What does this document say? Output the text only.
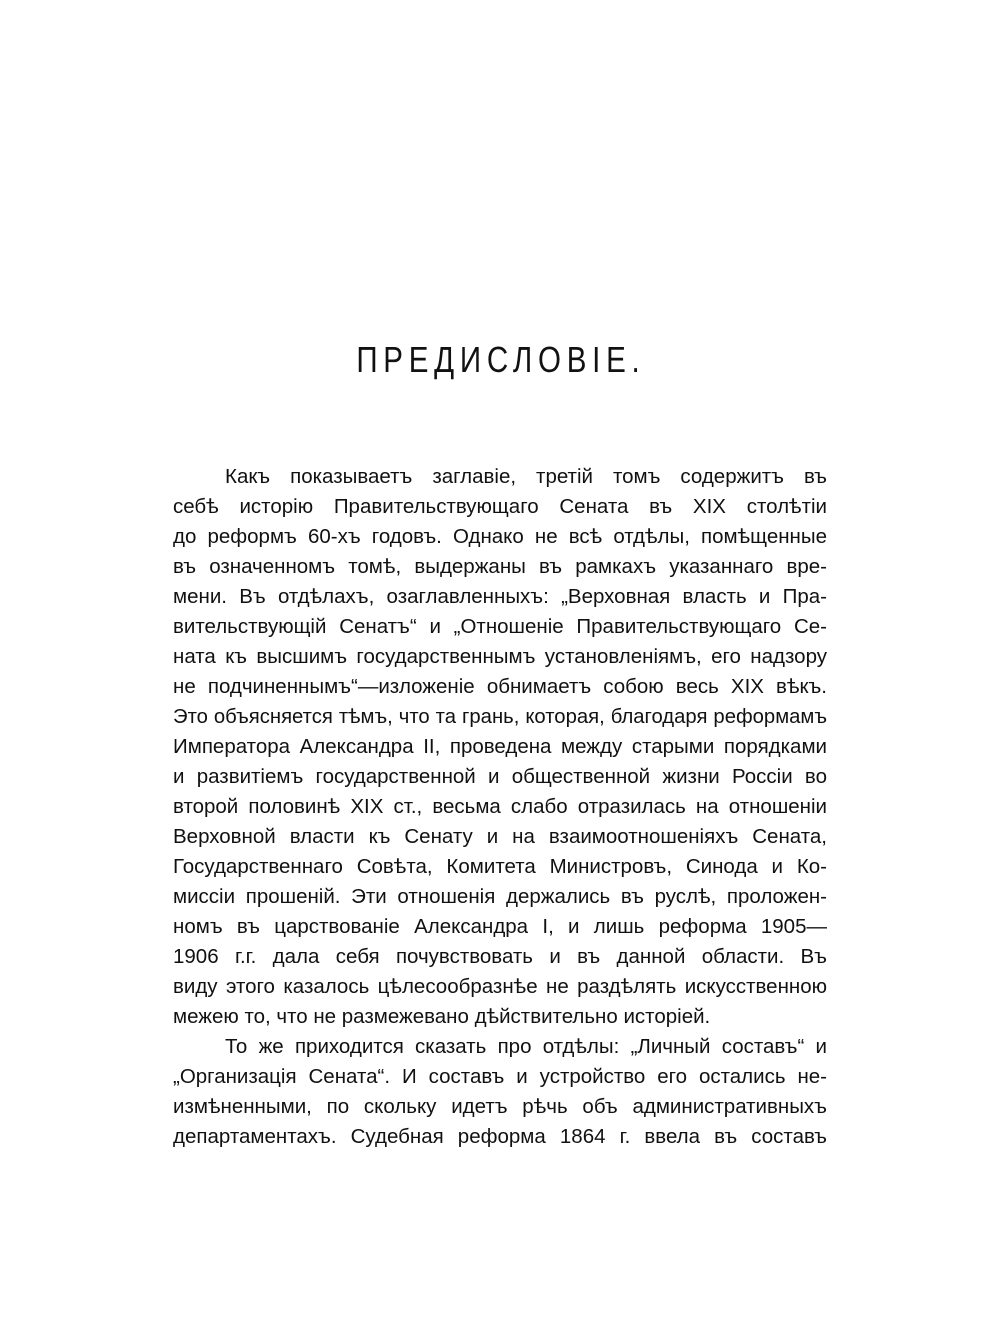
ПРЕДИСЛОВІЕ.
Какъ показываетъ заглавіе, третій томъ содержитъ въ
себѣ исторію Правительствующаго Сената въ XIX столѣтіи
до реформъ 60-хъ годовъ. Однако не всѣ отдѣлы, помѣщенные
въ означенномъ томѣ, выдержаны въ рамкахъ указаннаго вре-
мени. Въ отдѣлахъ, озаглавленныхъ: „Верховная власть и Пра-
вительствующій Сенатъ“ и „Отношеніе Правительствующаго Се-
ната къ высшимъ государственнымъ установленіямъ, его надзору
не подчиненнымъ“—изложеніе обнимаетъ собою весь XIX вѣкъ.
Это объясняется тѣмъ, что та грань, которая, благодаря реформамъ
Императора Александра II, проведена между старыми порядками
и развитіемъ государственной и общественной жизни Россіи во
второй половинѣ XIX ст., весьма слабо отразилась на отношеніи
Верховной власти къ Сенату и на взаимоотношеніяхъ Сената,
Государственнаго Совѣта, Комитета Министровъ, Синода и Ко-
миссіи прошеній. Эти отношенія держались въ руслѣ, проложен-
номъ въ царствованіе Александра I, и лишь реформа 1905—
1906 г.г. дала себя почувствовать и въ данной области. Въ
виду этого казалось цѣлесообразнѣе не раздѣлять искусственною
межею то, что не размежевано дѣйствительно исторіей.
То же приходится сказать про отдѣлы: „Личный составъ“ и
„Организація Сената“. И составъ и устройство его остались не-
измѣненными, по скольку идетъ рѣчь объ административныхъ
департаментахъ. Судебная реформа 1864 г. ввела въ составъ
